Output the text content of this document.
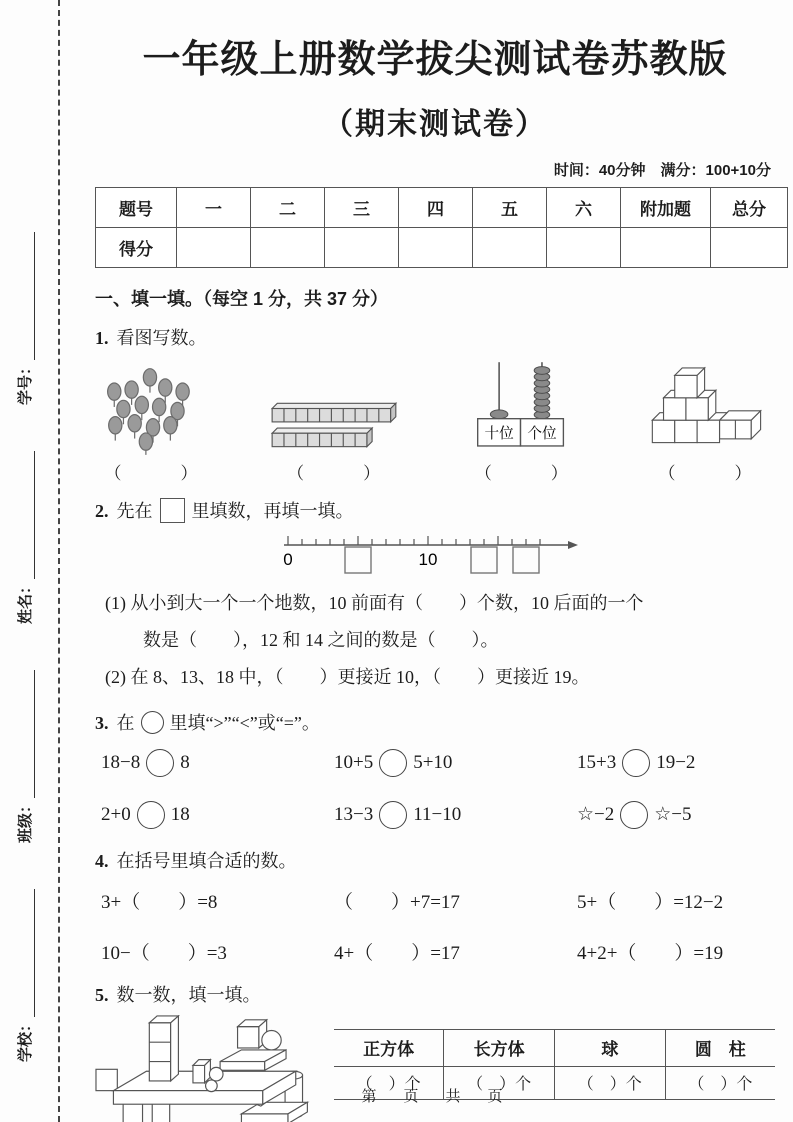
学校：
班级：
姓名：
学号：
一年级上册数学拔尖测试卷苏教版
（期末测试卷）
时间：40分钟　满分：100+10分
题号	一	二	三	四	五	六	附加题	总分
得分								
一、填一填。（每空 1 分，共 37 分）
1. 看图写数。
（　　　）	（　　　）
十位 个位
（　　　）	（　　　）
2. 先在 里填数，再填一填。
0	10
(1) 从小到大一个一个地数，10 前面有（　　）个数，10 后面的一个
数是（　　），12 和 14 之间的数是（　　）。
(2) 在 8、13、18 中，（　　）更接近 10，（　　）更接近 19。
3. 在 里填“>”“<”或“=”。
18−8 8	10+5 5+10	15+3 19−2
2+0 18	13−3 11−10	☆−2 ☆−5
4. 在括号里填合适的数。
3+（　　）=8	（　　）+7=17	5+（　　）=12−2
10−（　　）=3	4+（　　）=17	4+2+（　　）=19
5. 数一数，填一填。
正方体	长方体	球	圆　柱
（　）个	（　）个	（　）个	（　）个
第　页　共　页
